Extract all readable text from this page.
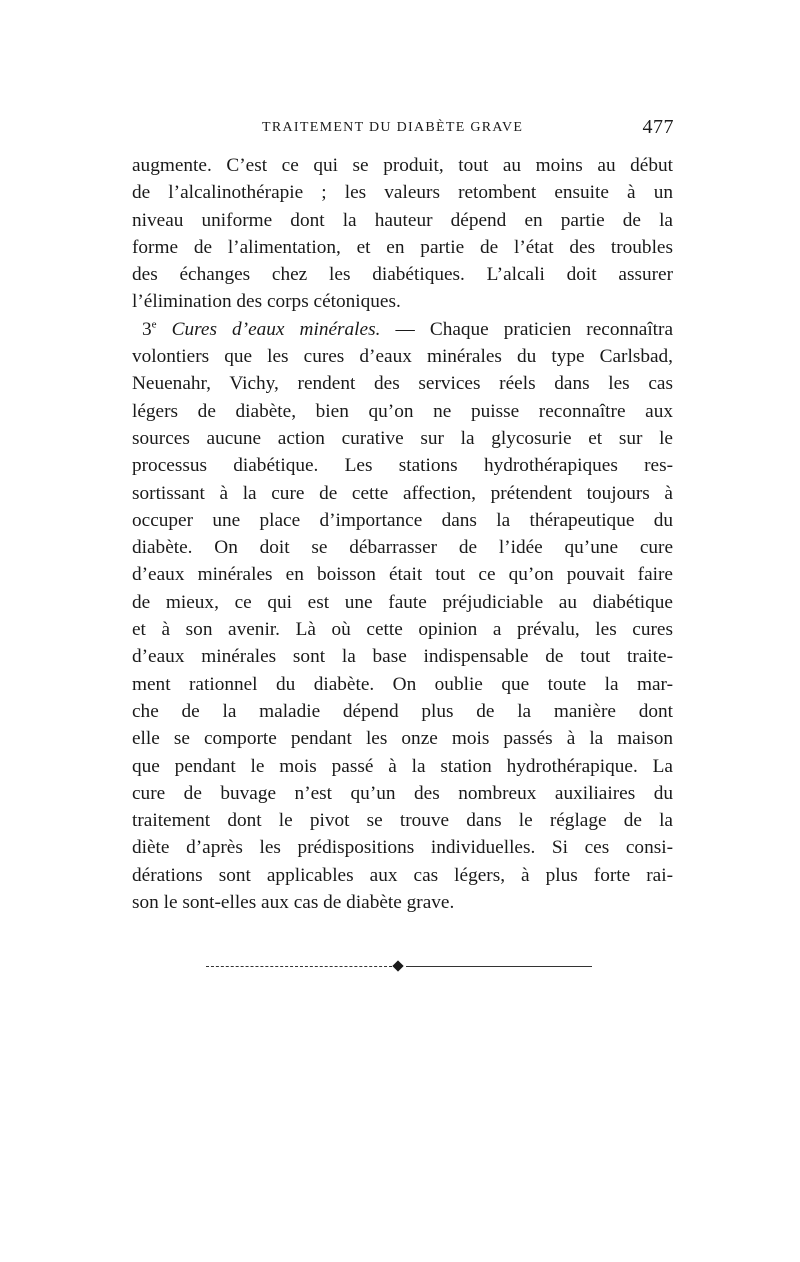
TRAITEMENT DU DIABÈTE GRAVE	477
augmente. C’est ce qui se produit, tout au moins au début
de l’alcalinothérapie ; les valeurs retombent ensuite à un
niveau uniforme dont la hauteur dépend en partie de la
forme de l’alimentation, et en partie de l’état des troubles
des échanges chez les diabétiques. L’alcali doit assurer
l’élimination des corps cétoniques.
3e Cures d’eaux minérales. — Chaque praticien reconnaîtra
volontiers que les cures d’eaux minérales du type Carlsbad,
Neuenahr, Vichy, rendent des services réels dans les cas
légers de diabète, bien qu’on ne puisse reconnaître aux
sources aucune action curative sur la glycosurie et sur le
processus diabétique. Les stations hydrothérapiques res-
sortissant à la cure de cette affection, prétendent toujours à
occuper une place d’importance dans la thérapeutique du
diabète. On doit se débarrasser de l’idée qu’une cure
d’eaux minérales en boisson était tout ce qu’on pouvait faire
de mieux, ce qui est une faute préjudiciable au diabétique
et à son avenir. Là où cette opinion a prévalu, les cures
d’eaux minérales sont la base indispensable de tout traite-
ment rationnel du diabète. On oublie que toute la mar-
che de la maladie dépend plus de la manière dont
elle se comporte pendant les onze mois passés à la maison
que pendant le mois passé à la station hydrothérapique. La
cure de buvage n’est qu’un des nombreux auxiliaires du
traitement dont le pivot se trouve dans le réglage de la
diète d’après les prédispositions individuelles. Si ces consi-
dérations sont applicables aux cas légers, à plus forte rai-
son le sont-elles aux cas de diabète grave.
